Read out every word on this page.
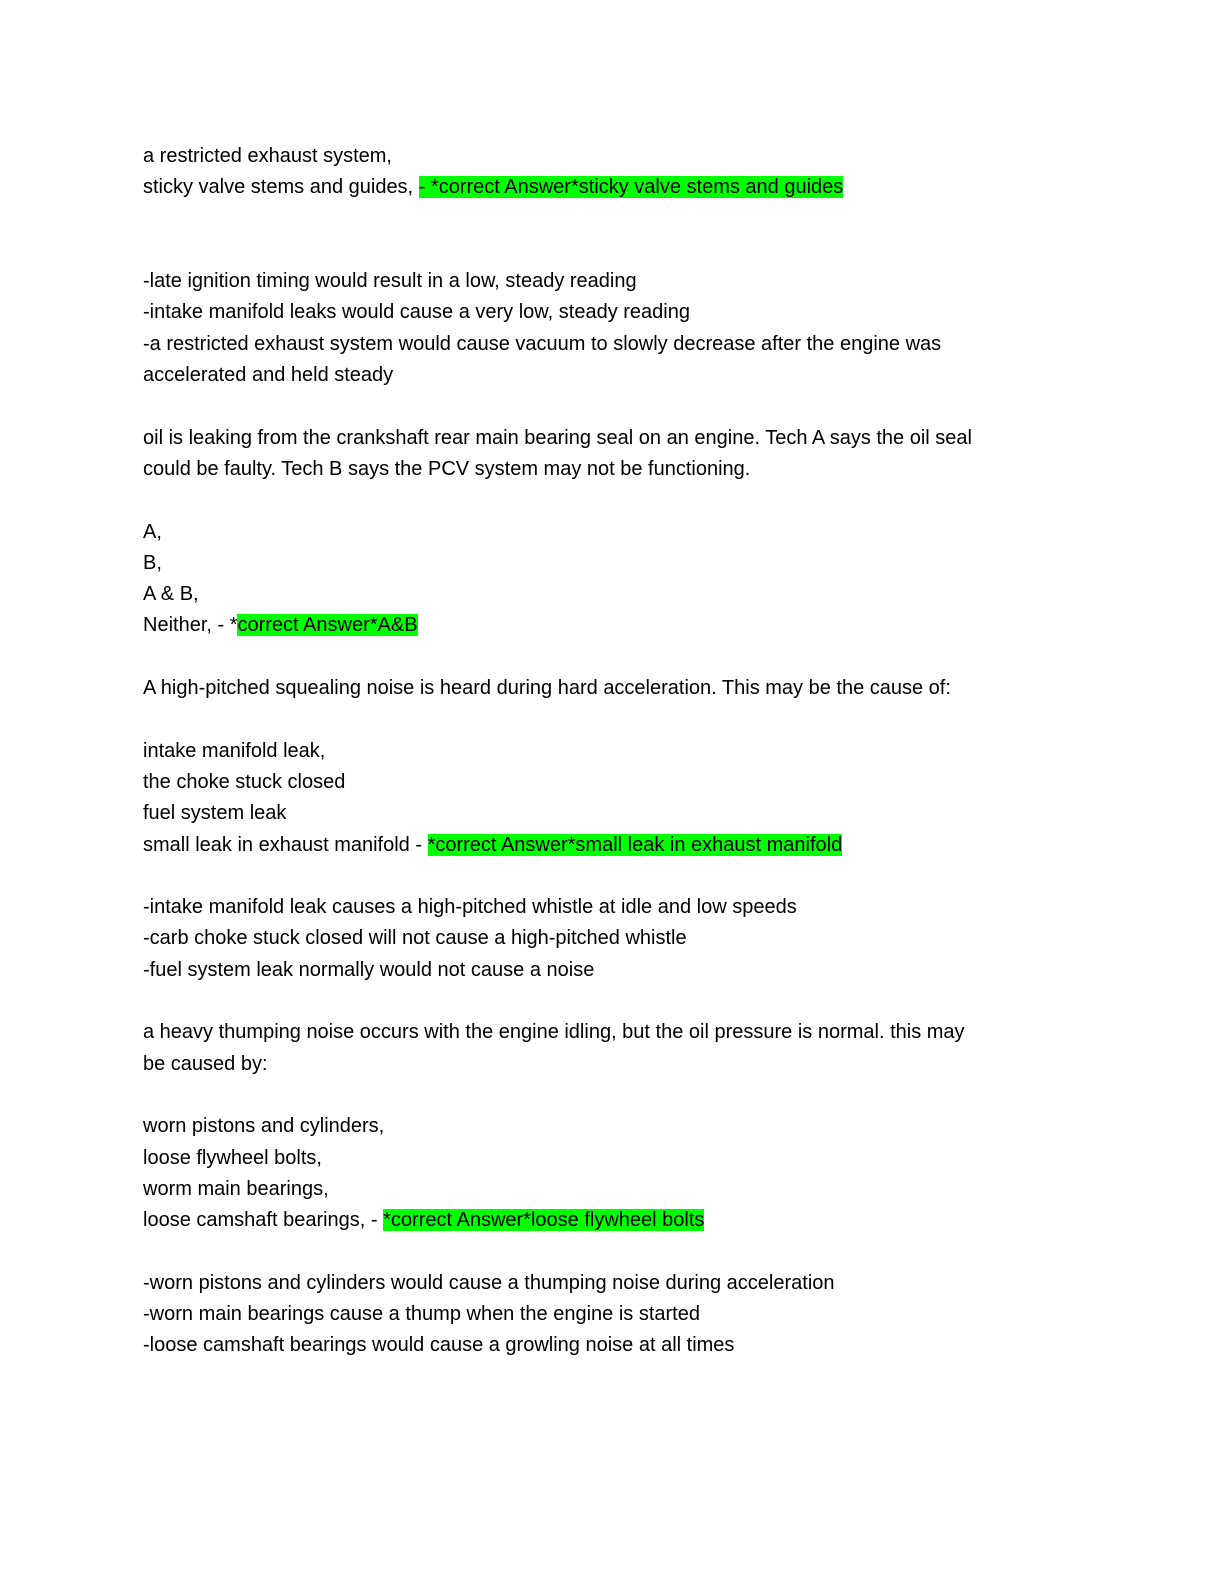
a restricted exhaust system,
sticky valve stems and guides, - *correct Answer*sticky valve stems and guides
-late ignition timing would result in a low, steady reading
-intake manifold leaks would cause a very low, steady reading
-a restricted exhaust system would cause vacuum to slowly decrease after the engine was
accelerated and held steady
oil is leaking from the crankshaft rear main bearing seal on an engine. Tech A says the oil seal
could be faulty. Tech B says the PCV system may not be functioning.
A,
B,
A & B,
Neither, - *correct Answer*A&B
A high-pitched squealing noise is heard during hard acceleration. This may be the cause of:
intake manifold leak,
the choke stuck closed
fuel system leak
small leak in exhaust manifold - *correct Answer*small leak in exhaust manifold
-intake manifold leak causes a high-pitched whistle at idle and low speeds
-carb choke stuck closed will not cause a high-pitched whistle
-fuel system leak normally would not cause a noise
a heavy thumping noise occurs with the engine idling, but the oil pressure is normal. this may
be caused by:
worn pistons and cylinders,
loose flywheel bolts,
worm main bearings,
loose camshaft bearings, - *correct Answer*loose flywheel bolts
-worn pistons and cylinders would cause a thumping noise during acceleration
-worn main bearings cause a thump when the engine is started
-loose camshaft bearings would cause a growling noise at all times
